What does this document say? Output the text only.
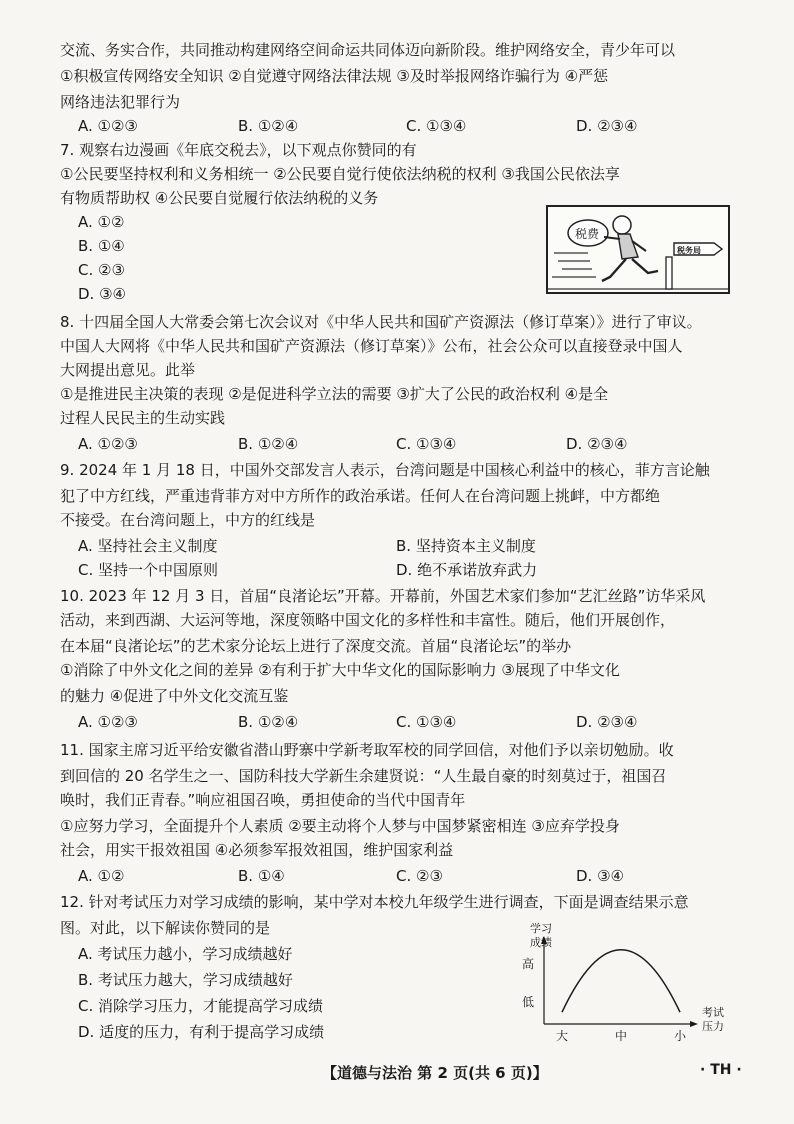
交流、务实合作，共同推动构建网络空间命运共同体迈向新阶段。维护网络安全，青少年可以
①积极宣传网络安全知识 ②自觉遵守网络法律法规 ③及时举报网络诈骗行为 ④严惩
网络违法犯罪行为
A. ①②③	B. ①②④	C. ①③④	D. ②③④
7. 观察右边漫画《年底交税去》，以下观点你赞同的有
①公民要坚持权利和义务相统一 ②公民要自觉行使依法纳税的权利 ③我国公民依法享
有物质帮助权 ④公民要自觉履行依法纳税的义务
A. ①②
B. ①④
C. ②③
D. ③④
税费
税务局
8. 十四届全国人大常委会第七次会议对《中华人民共和国矿产资源法（修订草案）》进行了审议。
中国人大网将《中华人民共和国矿产资源法（修订草案）》公布，社会公众可以直接登录中国人
大网提出意见。此举
①是推进民主决策的表现 ②是促进科学立法的需要 ③扩大了公民的政治权利 ④是全
过程人民民主的生动实践
A. ①②③	B. ①②④	C. ①③④	D. ②③④
9. 2024 年 1 月 18 日，中国外交部发言人表示，台湾问题是中国核心利益中的核心，菲方言论触
犯了中方红线，严重违背菲方对中方所作的政治承诺。任何人在台湾问题上挑衅，中方都绝
不接受。在台湾问题上，中方的红线是
A. 坚持社会主义制度	B. 坚持资本主义制度
C. 坚持一个中国原则	D. 绝不承诺放弃武力
10. 2023 年 12 月 3 日，首届“良渚论坛”开幕。开幕前，外国艺术家们参加“艺汇丝路”访华采风
活动，来到西湖、大运河等地，深度领略中国文化的多样性和丰富性。随后，他们开展创作，
在本届“良渚论坛”的艺术家分论坛上进行了深度交流。首届“良渚论坛”的举办
①消除了中外文化之间的差异 ②有利于扩大中华文化的国际影响力 ③展现了中华文化
的魅力 ④促进了中外文化交流互鉴
A. ①②③	B. ①②④	C. ①③④	D. ②③④
11. 国家主席习近平给安徽省潜山野寨中学新考取军校的同学回信，对他们予以亲切勉励。收
到回信的 20 名学生之一、国防科技大学新生余建贤说：“人生最自豪的时刻莫过于，祖国召
唤时，我们正青春。”响应祖国召唤，勇担使命的当代中国青年
①应努力学习，全面提升个人素质 ②要主动将个人梦与中国梦紧密相连 ③应弃学投身
社会，用实干报效祖国 ④必须参军报效祖国，维护国家利益
A. ①②	B. ①④	C. ②③	D. ③④
12. 针对考试压力对学习成绩的影响，某中学对本校九年级学生进行调查，下面是调查结果示意
图。对此，以下解读你赞同的是
A. 考试压力越小，学习成绩越好
B. 考试压力越大，学习成绩越好
C. 消除学习压力，才能提高学习成绩
D. 适度的压力，有利于提高学习成绩
学习
成绩
考试
压力
高
低
大	中	小
【道德与法治 第 2 页(共 6 页)】	· TH ·
